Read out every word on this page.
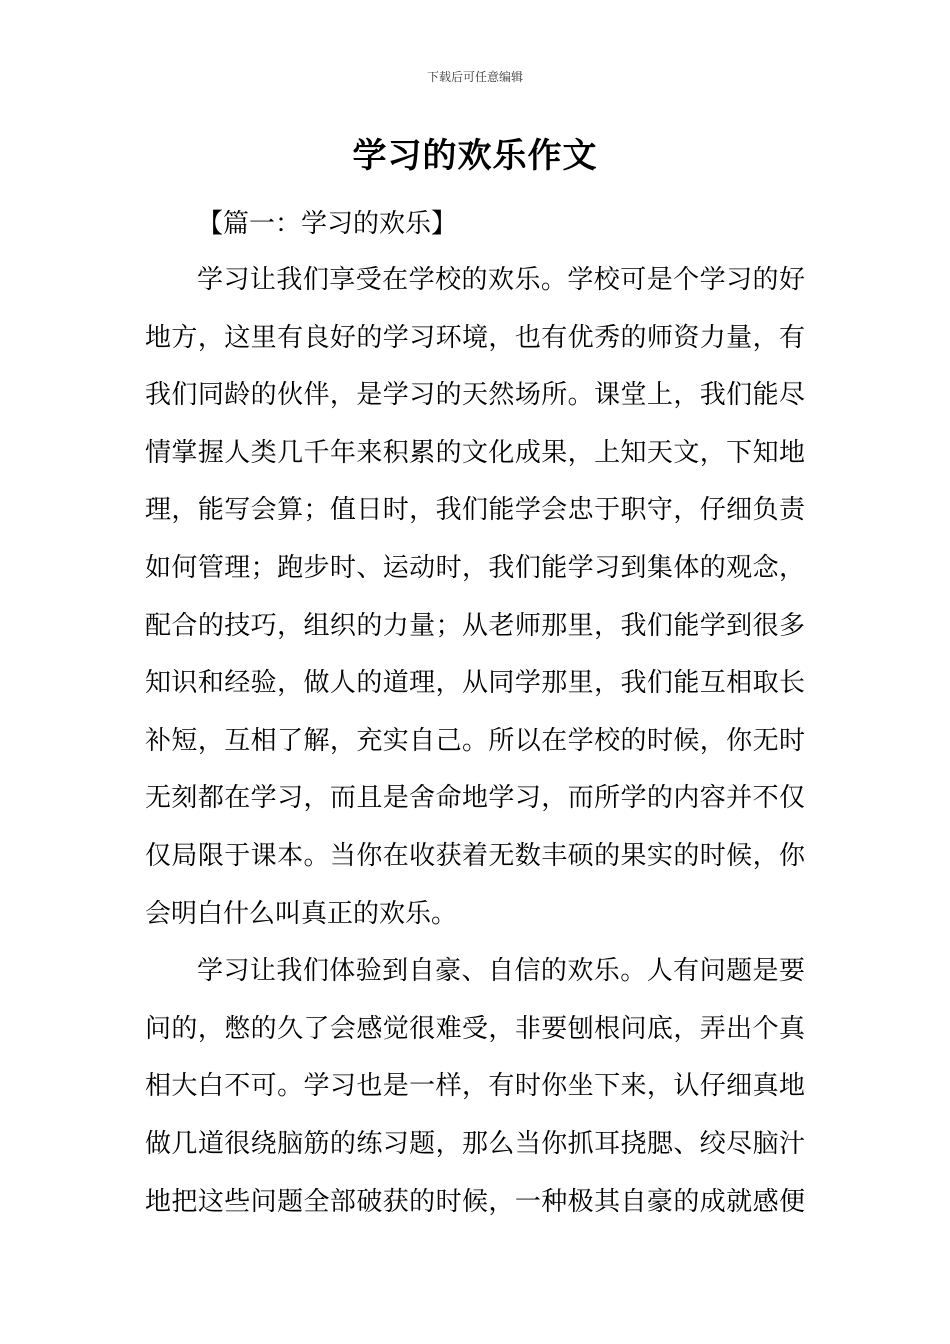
下载后可任意编辑
学习的欢乐作文
【篇一：学习的欢乐】
学习让我们享受在学校的欢乐。学校可是个学习的好
地方，这里有良好的学习环境，也有优秀的师资力量，有
我们同龄的伙伴，是学习的天然场所。课堂上，我们能尽
情掌握人类几千年来积累的文化成果，上知天文，下知地
理，能写会算；值日时，我们能学会忠于职守，仔细负责
如何管理；跑步时、运动时，我们能学习到集体的观念，
配合的技巧，组织的力量；从老师那里，我们能学到很多
知识和经验，做人的道理，从同学那里，我们能互相取长
补短，互相了解，充实自己。所以在学校的时候，你无时
无刻都在学习，而且是舍命地学习，而所学的内容并不仅
仅局限于课本。当你在收获着无数丰硕的果实的时候，你
会明白什么叫真正的欢乐。
学习让我们体验到自豪、自信的欢乐。人有问题是要
问的，憋的久了会感觉很难受，非要刨根问底，弄出个真
相大白不可。学习也是一样，有时你坐下来，认仔细真地
做几道很绕脑筋的练习题，那么当你抓耳挠腮、绞尽脑汁
地把这些问题全部破获的时候，一种极其自豪的成就感便
